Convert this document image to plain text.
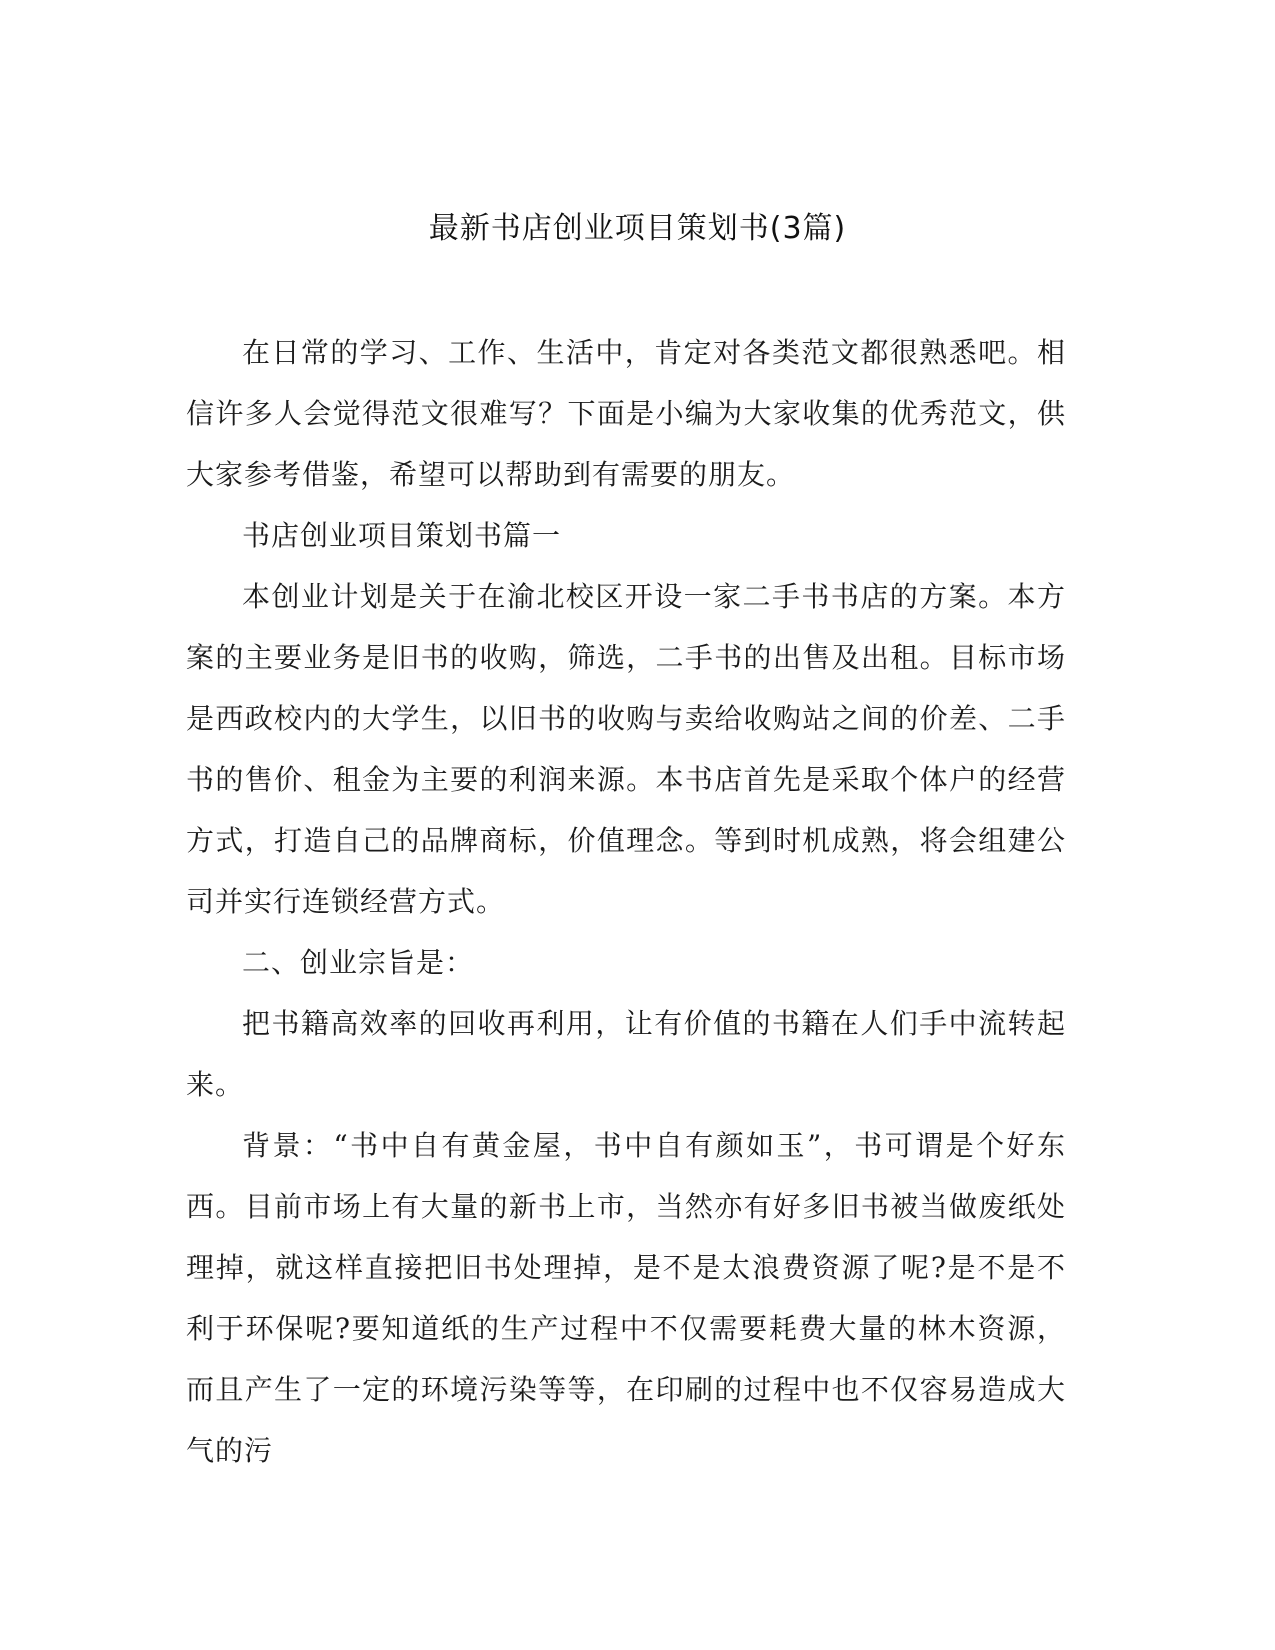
最新书店创业项目策划书(3篇)

在日常的学习、工作、生活中，肯定对各类范文都很熟悉吧。相信许多人会觉得范文很难写？下面是小编为大家收集的优秀范文，供大家参考借鉴，希望可以帮助到有需要的朋友。

书店创业项目策划书篇一

本创业计划是关于在渝北校区开设一家二手书书店的方案。本方案的主要业务是旧书的收购，筛选，二手书的出售及出租。目标市场是西政校内的大学生，以旧书的收购与卖给收购站之间的价差、二手书的售价、租金为主要的利润来源。本书店首先是采取个体户的经营方式，打造自己的品牌商标，价值理念。等到时机成熟，将会组建公司并实行连锁经营方式。

二、创业宗旨是：

把书籍高效率的回收再利用，让有价值的书籍在人们手中流转起来。

背景：“书中自有黄金屋，书中自有颜如玉”，书可谓是个好东西。目前市场上有大量的新书上市，当然亦有好多旧书被当做废纸处理掉，就这样直接把旧书处理掉，是不是太浪费资源了呢?是不是不利于环保呢?要知道纸的生产过程中不仅需要耗费大量的林木资源，而且产生了一定的环境污染等等，在印刷的过程中也不仅容易造成大气的污
